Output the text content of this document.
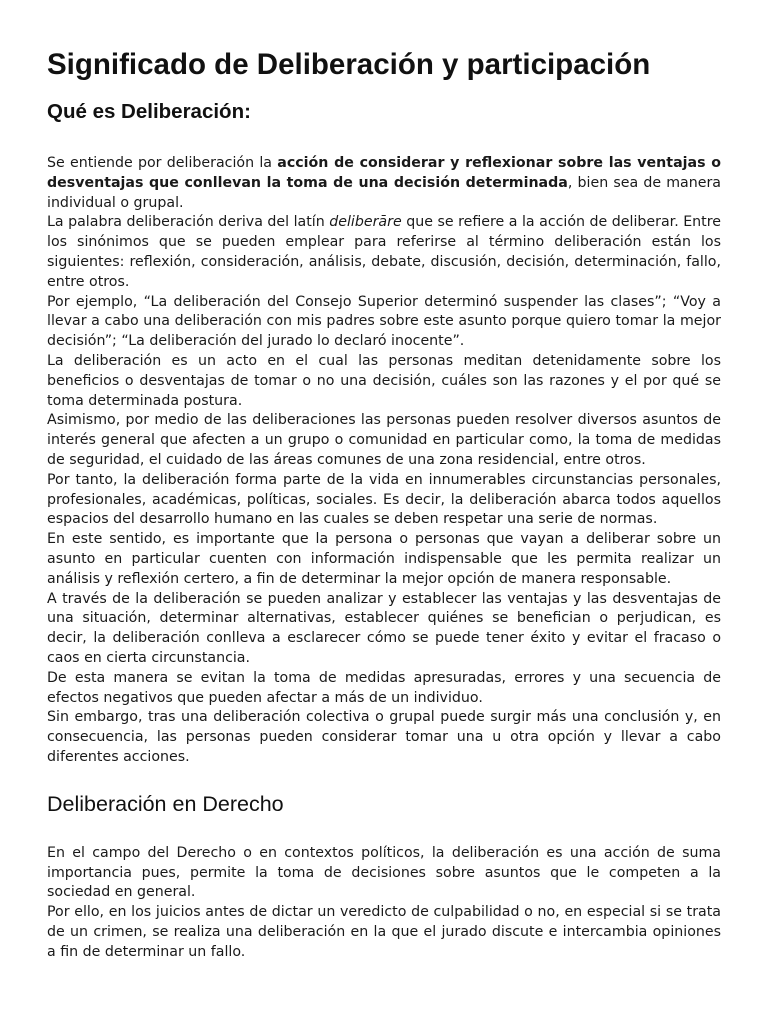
Significado de Deliberación y participación
Qué es Deliberación:

Se entiende por deliberación la acción de considerar y reflexionar sobre las ventajas o desventajas que conllevan la toma de una decisión determinada, bien sea de manera individual o grupal.

La palabra deliberación deriva del latín deliberāre que se refiere a la acción de deliberar. Entre los sinónimos que se pueden emplear para referirse al término deliberación están los siguientes: reflexión, consideración, análisis, debate, discusión, decisión, determinación, fallo, entre otros.

Por ejemplo, “La deliberación del Consejo Superior determinó suspender las clases”; “Voy a llevar a cabo una deliberación con mis padres sobre este asunto porque quiero tomar la mejor decisión”; “La deliberación del jurado lo declaró inocente”.

La deliberación es un acto en el cual las personas meditan detenidamente sobre los beneficios o desventajas de tomar o no una decisión, cuáles son las razones y el por qué se toma determinada postura.

Asimismo, por medio de las deliberaciones las personas pueden resolver diversos asuntos de interés general que afecten a un grupo o comunidad en particular como, la toma de medidas de seguridad, el cuidado de las áreas comunes de una zona residencial, entre otros.

Por tanto, la deliberación forma parte de la vida en innumerables circunstancias personales, profesionales, académicas, políticas, sociales. Es decir, la deliberación abarca todos aquellos espacios del desarrollo humano en las cuales se deben respetar una serie de normas.

En este sentido, es importante que la persona o personas que vayan a deliberar sobre un asunto en particular cuenten con información indispensable que les permita realizar un análisis y reflexión certero, a fin de determinar la mejor opción de manera responsable.

A través de la deliberación se pueden analizar y establecer las ventajas y las desventajas de una situación, determinar alternativas, establecer quiénes se benefician o perjudican, es decir, la deliberación conlleva a esclarecer cómo se puede tener éxito y evitar el fracaso o caos en cierta circunstancia.

De esta manera se evitan la toma de medidas apresuradas, errores y una secuencia de efectos negativos que pueden afectar a más de un individuo.

Sin embargo, tras una deliberación colectiva o grupal puede surgir más una conclusión y, en consecuencia, las personas pueden considerar tomar una u otra opción y llevar a cabo diferentes acciones.

Deliberación en Derecho

En el campo del Derecho o en contextos políticos, la deliberación es una acción de suma importancia pues, permite la toma de decisiones sobre asuntos que le competen a la sociedad en general.

Por ello, en los juicios antes de dictar un veredicto de culpabilidad o no, en especial si se trata de un crimen, se realiza una deliberación en la que el jurado discute e intercambia opiniones a fin de determinar un fallo.
